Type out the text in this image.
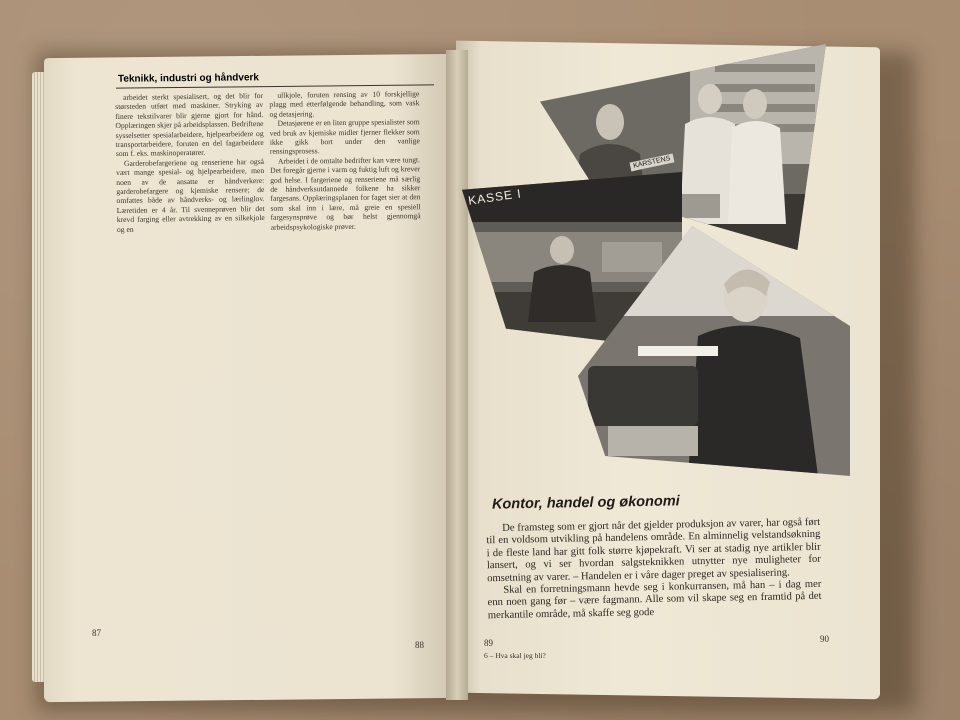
Teknikk, industri og håndverk

arbeidet sterkt spesialisert, og det blir for størsteden utført med maskiner. Stryking av finere tekstilvarer blir gjerne gjort for hånd. Opplæringen skjer på arbeidsplassen. Bedriftene sysselsetter spesialarbeidere, hjelpearbeidere og transportarbeidere, foruten en del fagarbeidere som f. eks. maskinoperatører.

Garderobefargeriene og renseriene har også vært mange spesial- og hjelpearbeidere, men noen av de ansatte er håndverkere: garderobefargere og kjemiske rensere; de omfattes både av håndverks- og lærlinglov. Læretiden er 4 år. Til svenneprøven blir det krevd farging eller avtrekking av en silkekjole og en

ullkjole, foruten rensing av 10 forskjellige plagg med etterfølgende behandling, som vask og detasjering.

Detasjørene er en liten gruppe spesialister som ved bruk av kjemiske midler fjerner flekker som ikke gikk bort under den vanlige rensingsprosess.

Arbeidet i de omtalte bedrifter kan være tungt. Det foregår gjerne i varm og fuktig luft og krever god helse. I fargeriene og renseriene må særlig de håndverksutdannede folkene ha sikker fargesans. Opplæringsplanen for faget sier at den som skal inn i lære, må greie en spesiell fargesynsprøve og bør helst gjennomgå arbeidspsykologiske prøver.

87
88
KARSTENS
KASSE I
Kontor, handel og økonomi

De framsteg som er gjort når det gjelder produksjon av varer, har også ført til en voldsom utvikling på handelens område. En alminnelig velstandsøkning i de fleste land har gitt folk større kjøpekraft. Vi ser at stadig nye artikler blir lansert, og vi ser hvordan salgsteknikken utnytter nye muligheter for omsetning av varer. – Handelen er i våre dager preget av spesialisering.

Skal en forretningsmann hevde seg i konkurransen, må han – i dag mer enn noen gang før – være fagmann. Alle som vil skape seg en framtid på det merkantile område, må skaffe seg gode

89	90
6 – Hva skal jeg bli?
